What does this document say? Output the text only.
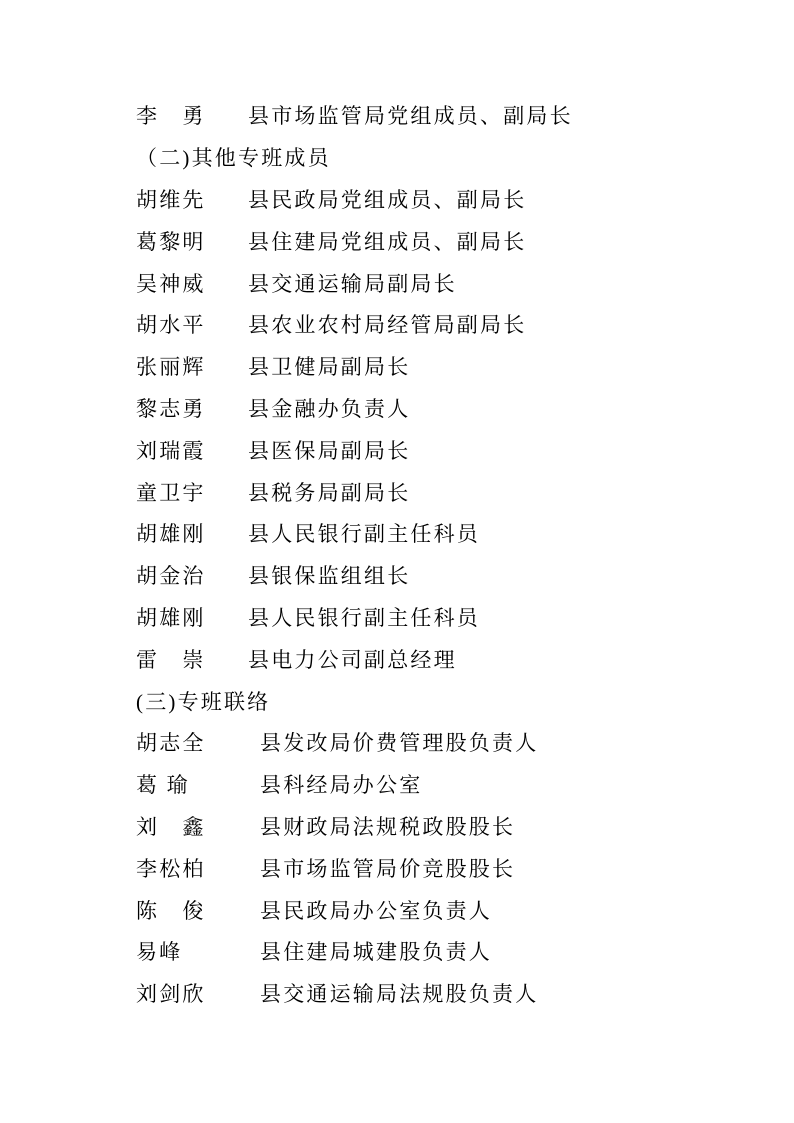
李　勇	县市场监管局党组成员、副局长
（二)其他专班成员
胡维先	县民政局党组成员、副局长
葛黎明	县住建局党组成员、副局长
吴神威	县交通运输局副局长
胡水平	县农业农村局经管局副局长
张丽辉	县卫健局副局长
黎志勇	县金融办负责人
刘瑞霞	县医保局副局长
童卫宇	县税务局副局长
胡雄刚	县人民银行副主任科员
胡金治	县银保监组组长
胡雄刚	县人民银行副主任科员
雷　崇	县电力公司副总经理
(三)专班联络
胡志全	县发改局价费管理股负责人
葛 瑜	县科经局办公室
刘　鑫	县财政局法规税政股股长
李松柏	县市场监管局价竞股股长
陈　俊	县民政局办公室负责人
易峰	县住建局城建股负责人
刘剑欣	县交通运输局法规股负责人
